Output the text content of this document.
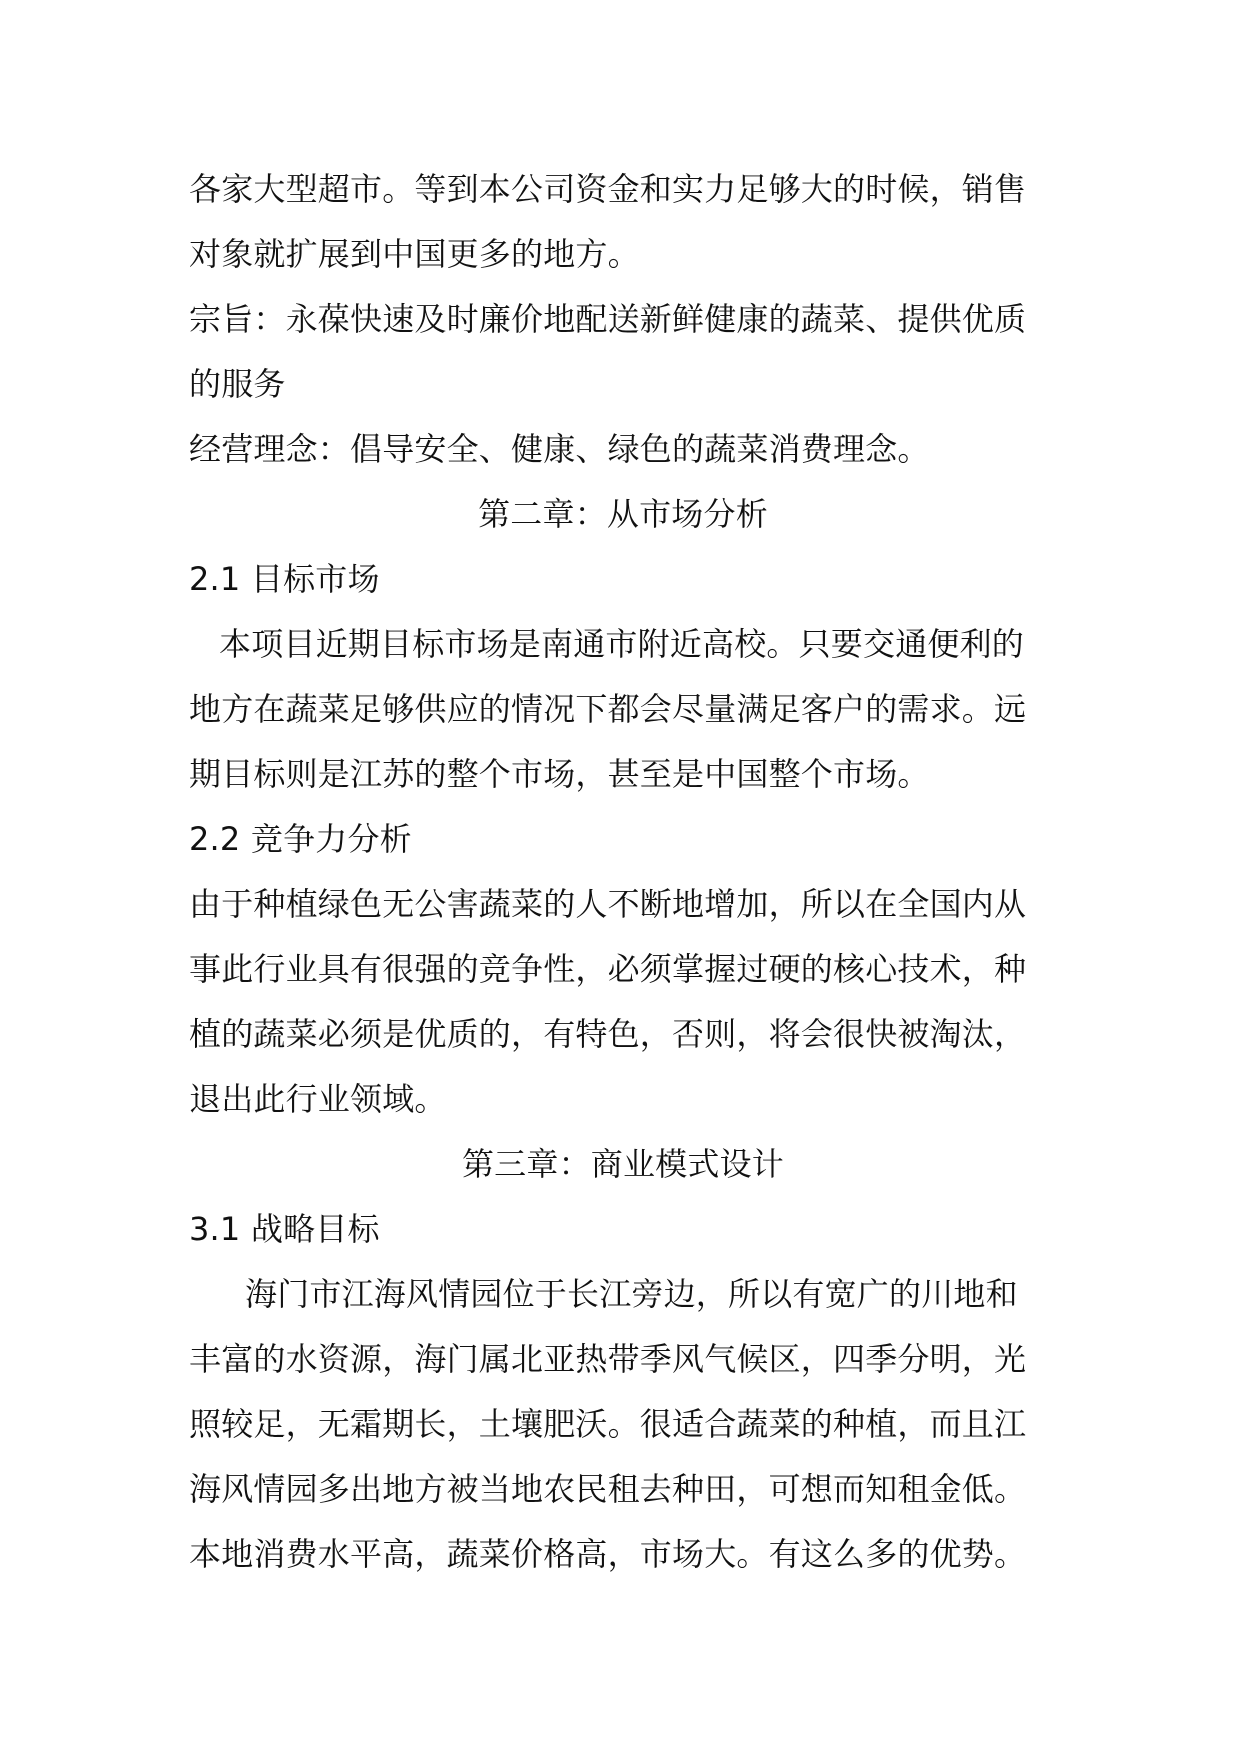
各家大型超市。等到本公司资金和实力足够大的时候，销售
对象就扩展到中国更多的地方。
宗旨：永葆快速及时廉价地配送新鲜健康的蔬菜、提供优质
的服务
经营理念：倡导安全、健康、绿色的蔬菜消费理念。
第二章：从市场分析
2.1 目标市场
本项目近期目标市场是南通市附近高校。只要交通便利的
地方在蔬菜足够供应的情况下都会尽量满足客户的需求。远
期目标则是江苏的整个市场，甚至是中国整个市场。
2.2 竞争力分析
由于种植绿色无公害蔬菜的人不断地增加，所以在全国内从
事此行业具有很强的竞争性，必须掌握过硬的核心技术，种
植的蔬菜必须是优质的，有特色，否则，将会很快被淘汰，
退出此行业领域。
第三章：商业模式设计
3.1 战略目标
海门市江海风情园位于长江旁边，所以有宽广的川地和
丰富的水资源，海门属北亚热带季风气候区，四季分明，光
照较足，无霜期长，土壤肥沃。很适合蔬菜的种植，而且江
海风情园多出地方被当地农民租去种田，可想而知租金低。
本地消费水平高，蔬菜价格高，市场大。有这么多的优势。
